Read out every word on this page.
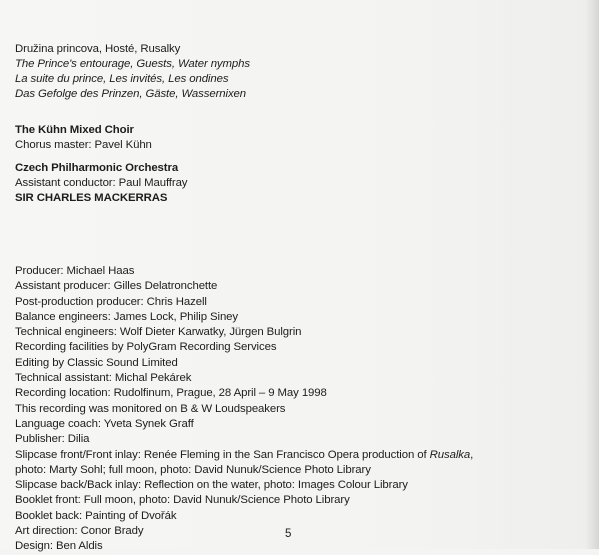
Družina princova, Hosté, Rusalky
The Prince's entourage, Guests, Water nymphs
La suite du prince, Les invités, Les ondines
Das Gefolge des Prinzen, Gäste, Wassernixen
The Kühn Mixed Choir
Chorus master: Pavel Kühn
Czech Philharmonic Orchestra
Assistant conductor: Paul Mauffray
SIR CHARLES MACKERRAS
Producer: Michael Haas
Assistant producer: Gilles Delatronchette
Post-production producer: Chris Hazell
Balance engineers: James Lock, Philip Siney
Technical engineers: Wolf Dieter Karwatky, Jürgen Bulgrin
Recording facilities by PolyGram Recording Services
Editing by Classic Sound Limited
Technical assistant: Michal Pekárek
Recording location: Rudolfinum, Prague, 28 April – 9 May 1998
This recording was monitored on B & W Loudspeakers
Language coach: Yveta Synek Graff
Publisher: Dilia
Slipcase front/Front inlay: Renée Fleming in the San Francisco Opera production of Rusalka,
photo: Marty Sohl; full moon, photo: David Nunuk/Science Photo Library
Slipcase back/Back inlay: Reflection on the water, photo: Images Colour Library
Booklet front: Full moon, photo: David Nunuk/Science Photo Library
Booklet back: Painting of Dvořák
Art direction: Conor Brady
Design: Ben Aldis
5
